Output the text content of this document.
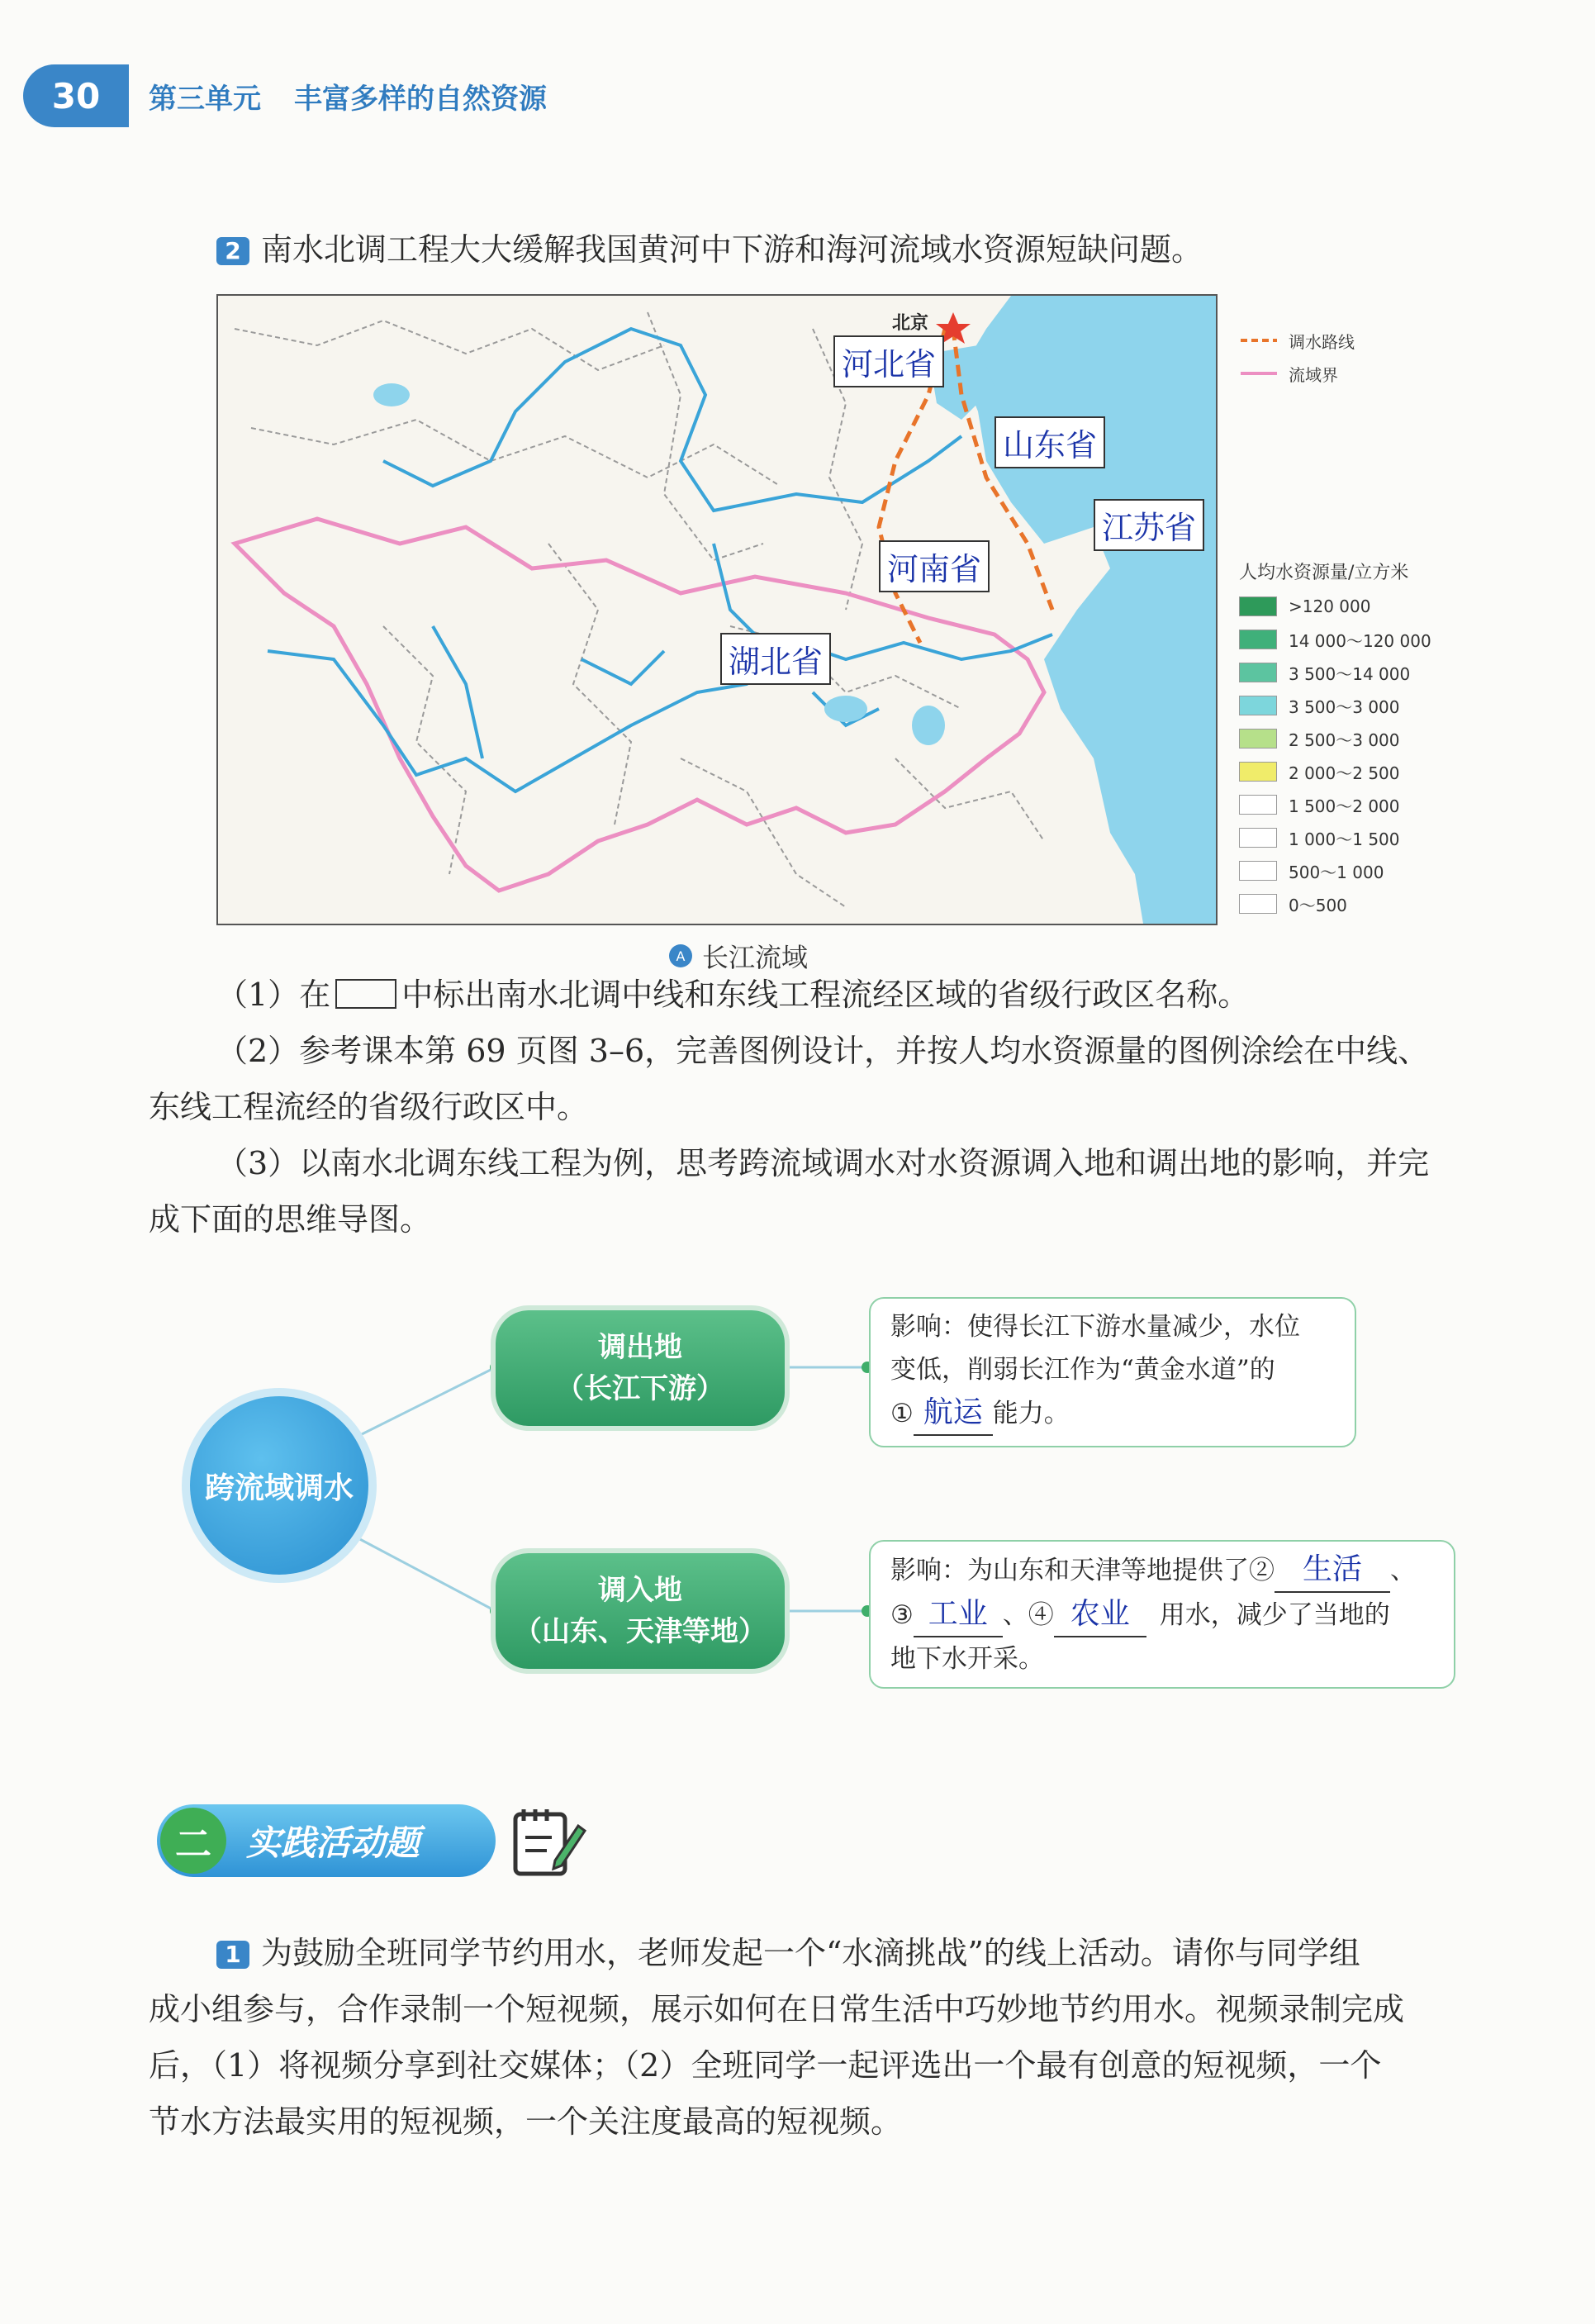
30	第三单元 丰富多样的自然资源
2 南水北调工程大大缓解我国黄河中下游和海河流域水资源短缺问题。
河北省
山东省
江苏省
河南省
湖北省
北京
调水路线
流域界
人均水资源量/立方米
>120 000
14 000～120 000
3 500～14 000
3 500～3 000
2 500～3 000
2 000～2 500
1 500～2 000
1 000～1 500
500～1 000
0～500
A 长江流域
（1）在 中标出南水北调中线和东线工程流经区域的省级行政区名称。
（2）参考课本第 69 页图 3–6，完善图例设计，并按人均水资源量的图例涂绘在中线、
东线工程流经的省级行政区中。
（3）以南水北调东线工程为例，思考跨流域调水对水资源调入地和调出地的影响，并完
成下面的思维导图。
跨流域调水
调出地
（长江下游）
调入地
（山东、天津等地）
影响：使得长江下游水量减少，水位
变低，削弱长江作为“黄金水道”的
① 航运 能力。
影响：为山东和天津等地提供了② 生活 、
③ 工业 、④ 农业 用水，减少了当地的
地下水开采。
二	实践活动题
1 为鼓励全班同学节约用水，老师发起一个“水滴挑战”的线上活动。请你与同学组
成小组参与，合作录制一个短视频，展示如何在日常生活中巧妙地节约用水。视频录制完成
后，（1）将视频分享到社交媒体；（2）全班同学一起评选出一个最有创意的短视频，一个
节水方法最实用的短视频，一个关注度最高的短视频。
